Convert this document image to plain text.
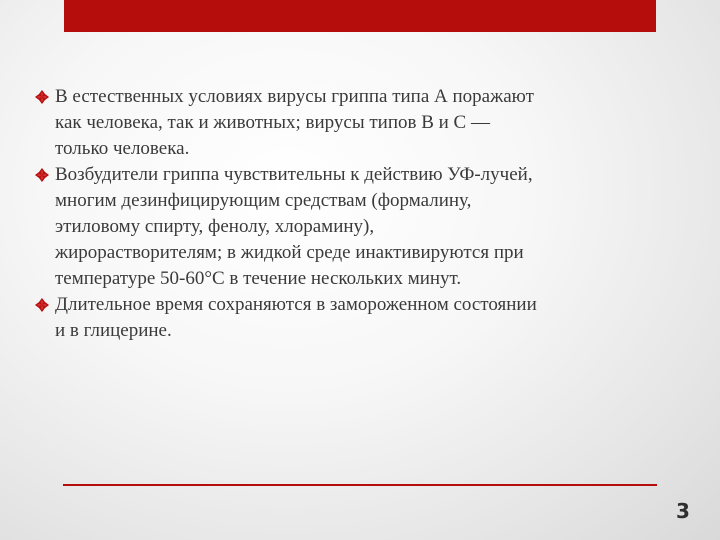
В естественных условиях вирусы гриппа типа А поражают
как человека, так и животных; вирусы типов В и С —
только человека.
Возбудители гриппа чувствительны к действию УФ-лучей,
многим дезинфицирующим средствам (формалину,
этиловому спирту, фенолу, хлорамину),
жирорастворителям; в жидкой среде инактивируются при
температуре 50-60°С в течение нескольких минут.
Длительное время сохраняются в замороженном состоянии
и в глицерине.
3
